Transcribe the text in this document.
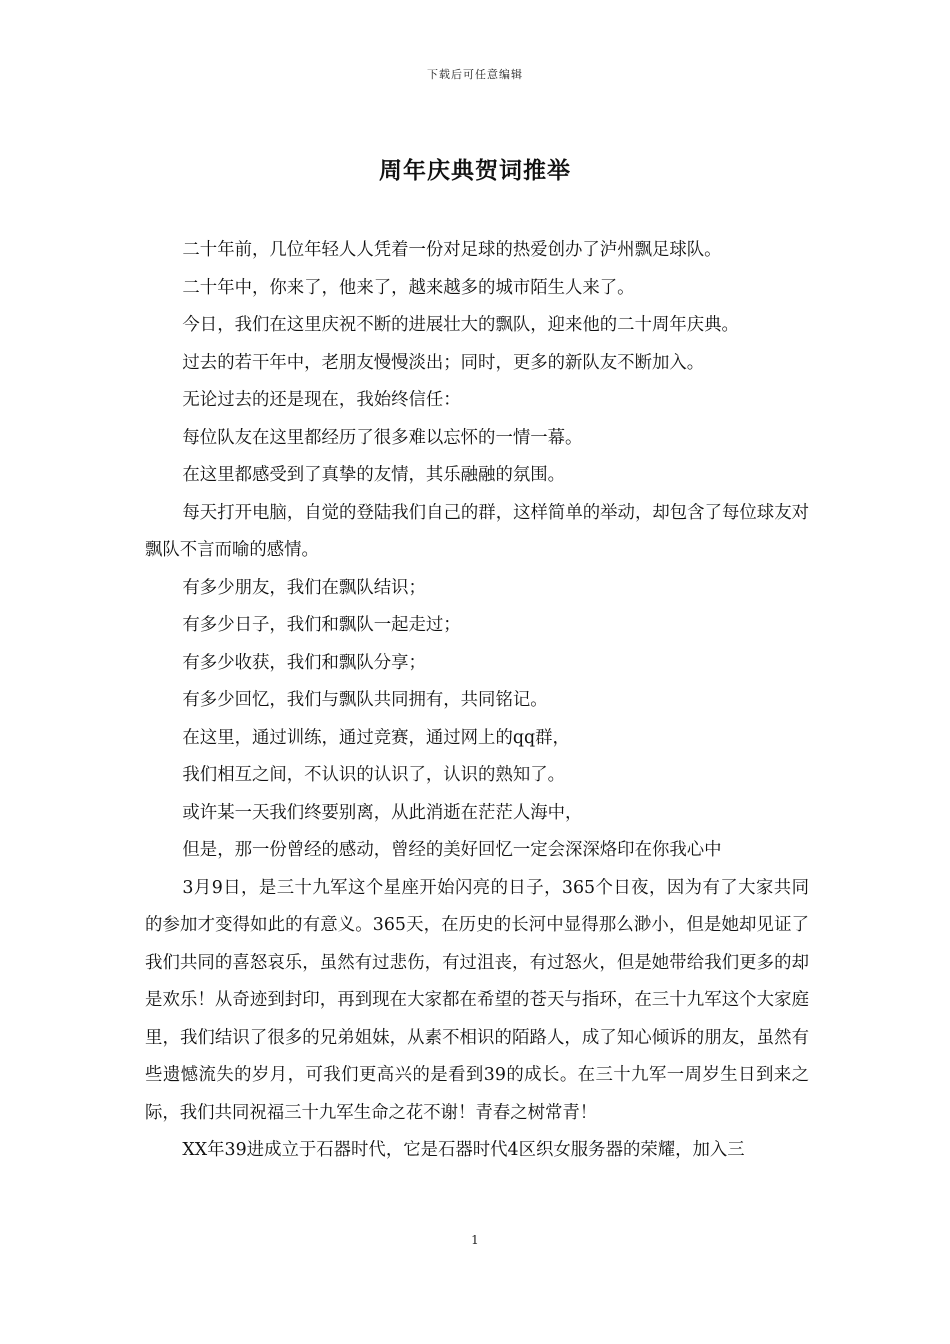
下载后可任意编辑
周年庆典贺词推举

二十年前，几位年轻人人凭着一份对足球的热爱创办了泸州飘足球队。

二十年中，你来了，他来了，越来越多的城市陌生人来了。

今日，我们在这里庆祝不断的进展壮大的飘队，迎来他的二十周年庆典。

过去的若干年中，老朋友慢慢淡出；同时，更多的新队友不断加入。

无论过去的还是现在，我始终信任：

每位队友在这里都经历了很多难以忘怀的一情一幕。

在这里都感受到了真挚的友情，其乐融融的氛围。

每天打开电脑，自觉的登陆我们自己的群，这样简单的举动，却包含了每位球友对飘队不言而喻的感情。

有多少朋友，我们在飘队结识；

有多少日子，我们和飘队一起走过；

有多少收获，我们和飘队分享；

有多少回忆，我们与飘队共同拥有，共同铭记。

在这里，通过训练，通过竞赛，通过网上的qq群，

我们相互之间，不认识的认识了，认识的熟知了。

或许某一天我们终要别离，从此消逝在茫茫人海中，

但是，那一份曾经的感动，曾经的美好回忆一定会深深烙印在你我心中

3月9日，是三十九军这个星座开始闪亮的日子，365个日夜，因为有了大家共同的参加才变得如此的有意义。365天，在历史的长河中显得那么渺小，但是她却见证了我们共同的喜怒哀乐，虽然有过悲伤，有过沮丧，有过怒火，但是她带给我们更多的却是欢乐！从奇迹到封印，再到现在大家都在希望的苍天与指环，在三十九军这个大家庭里，我们结识了很多的兄弟姐妹，从素不相识的陌路人，成了知心倾诉的朋友，虽然有些遗憾流失的岁月，可我们更高兴的是看到39的成长。在三十九军一周岁生日到来之际，我们共同祝福三十九军生命之花不谢！青春之树常青！

XX年39进成立于石器时代，它是石器时代4区织女服务器的荣耀，加入三

1
